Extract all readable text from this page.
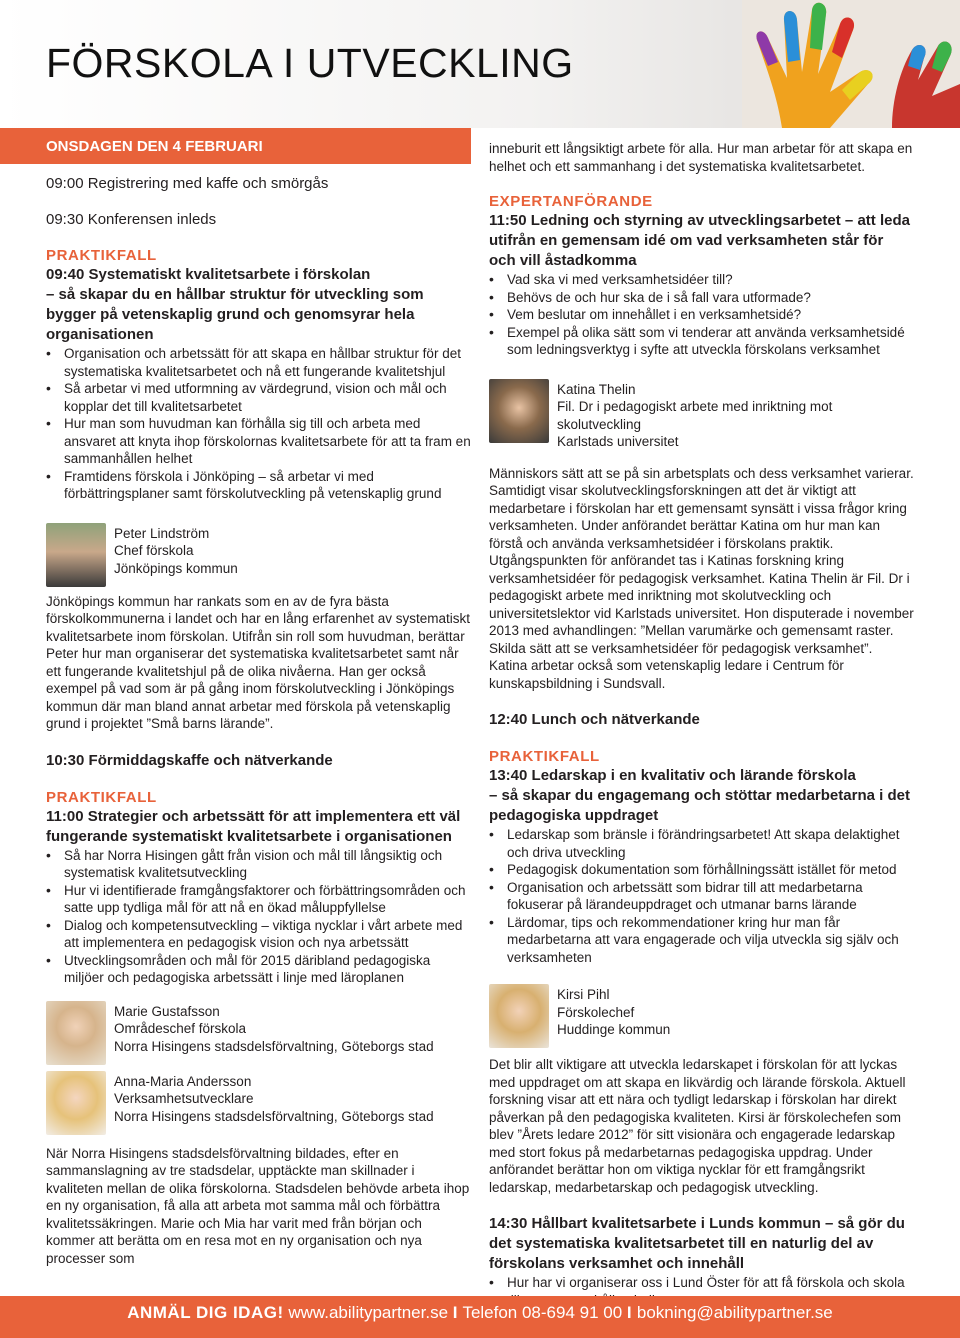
FÖRSKOLA I UTVECKLING
ONSDAGEN DEN 4 FEBRUARI

09:00 Registrering med kaffe och smörgås

09:30 Konferensen inleds

PRAKTIKFALL

09:40 Systematiskt kvalitetsarbete i förskolan

– så skapar du en hållbar struktur för utveckling som bygger på vetenskaplig grund och genomsyrar hela organisationen

• Organisation och arbetssätt för att skapa en hållbar struktur för det systematiska kvalitetsarbetet och nå ett fungerande kvalitetshjul
• Så arbetar vi med utformning av värdegrund, vision och mål och kopplar det till kvalitetsarbetet
• Hur man som huvudman kan förhålla sig till och arbeta med ansvaret att knyta ihop förskolornas kvalitetsarbete för att ta fram en sammanhållen helhet
• Framtidens förskola i Jönköping – så arbetar vi med förbättringsplaner samt förskolutveckling på vetenskaplig grund
Peter Lindström
Chef förskola
Jönköpings kommun

Jönköpings kommun har rankats som en av de fyra bästa förskolkommunerna i landet och har en lång erfarenhet av systematiskt kvalitetsarbete inom förskolan. Utifrån sin roll som huvudman, berättar Peter hur man organiserar det systematiska kvalitetsarbetet samt når ett fungerande kvalitetshjul på de olika nivåerna. Han ger också exempel på vad som är på gång inom förskolutveckling i Jönköpings kommun där man bland annat arbetar med förskola på vetenskaplig grund i projektet ”Små barns lärande”.

10:30 Förmiddagskaffe och nätverkande

PRAKTIKFALL

11:00 Strategier och arbetssätt för att implementera ett väl fungerande systematiskt kvalitetsarbete i organisationen

• Så har Norra Hisingen gått från vision och mål till långsiktig och systematisk kvalitetsutveckling
• Hur vi identifierade framgångsfaktorer och förbättringsområden och satte upp tydliga mål för att nå en ökad måluppfyllelse
• Dialog och kompetensutveckling – viktiga nycklar i vårt arbete med att implementera en pedagogisk vision och nya arbetssätt
• Utvecklingsområden och mål för 2015 däribland pedagogiska miljöer och pedagogiska arbetssätt i linje med läroplanen
Marie Gustafsson
Områdeschef förskola
Norra Hisingens stadsdelsförvaltning, Göteborgs stad
Anna-Maria Andersson
Verksamhetsutvecklare
Norra Hisingens stadsdelsförvaltning, Göteborgs stad

När Norra Hisingens stadsdelsförvaltning bildades, efter en sammanslagning av tre stadsdelar, upptäckte man skillnader i kvaliteten mellan de olika förskolorna. Stadsdelen behövde arbeta ihop en ny organisation, få alla att arbeta mot samma mål och förbättra kvalitetssäkringen. Marie och Mia har varit med från början och kommer att berätta om en resa mot en ny organisation och nya processer som

inneburit ett långsiktigt arbete för alla. Hur man arbetar för att skapa en helhet och ett sammanhang i det systematiska kvalitetsarbetet.

EXPERTANFÖRANDE

11:50 Ledning och styrning av utvecklingsarbetet – att leda utifrån en gemensam idé om vad verksamheten står för och vill åstadkomma

• Vad ska vi med verksamhetsidéer till?
• Behövs de och hur ska de i så fall vara utformade?
• Vem beslutar om innehållet i en verksamhetsidé?
• Exempel på olika sätt som vi tenderar att använda verksamhetsidé som ledningsverktyg i syfte att utveckla förskolans verksamhet
Katina Thelin
Fil. Dr i pedagogiskt arbete med inriktning mot skolutveckling
Karlstads universitet

Människors sätt att se på sin arbetsplats och dess verksamhet varierar. Samtidigt visar skolutvecklingsforskningen att det är viktigt att medarbetare i förskolan har ett gemensamt synsätt i vissa frågor kring verksamheten. Under anförandet berättar Katina om hur man kan förstå och använda verksamhetsidéer i förskolans praktik. Utgångspunkten för anförandet tas i Katinas forskning kring verksamhetsidéer för pedagogisk verksamhet. Katina Thelin är Fil. Dr i pedagogiskt arbete med inriktning mot skolutveckling och universitetslektor vid Karlstads universitet. Hon disputerade i november 2013 med avhandlingen: ”Mellan varumärke och gemensamt raster. Skilda sätt att se verksamhetsidéer för pedagogisk verksamhet”. Katina arbetar också som vetenskaplig ledare i Centrum för kunskapsbildning i Sundsvall.

12:40 Lunch och nätverkande

PRAKTIKFALL

13:40 Ledarskap i en kvalitativ och lärande förskola

– så skapar du engagemang och stöttar medarbetarna i det pedagogiska uppdraget

• Ledarskap som bränsle i förändringsarbetet! Att skapa delaktighet och driva utveckling
• Pedagogisk dokumentation som förhållningssätt istället för metod
• Organisation och arbetssätt som bidrar till att medarbetarna fokuserar på lärandeuppdraget och utmanar barns lärande
• Lärdomar, tips och rekommendationer kring hur man får medarbetarna att vara engagerade och vilja utveckla sig själv och verksamheten
Kirsi Pihl
Förskolechef
Huddinge kommun

Det blir allt viktigare att utveckla ledarskapet i förskolan för att lyckas med uppdraget om att skapa en likvärdig och lärande förskola. Aktuell forskning visar att ett nära och tydligt ledarskap i förskolan har direkt påverkan på den pedagogiska kvaliteten. Kirsi är förskolechefen som blev ”Årets ledare 2012” för sitt visionära och engagerade ledarskap med stort fokus på medarbetarnas pedagogiska uppdrag. Under anförandet berättar hon om viktiga nycklar för ett framgångsrikt ledarskap, medarbetarskap och pedagogisk utveckling.

14:30 Hållbart kvalitetsarbete i Lunds kommun – så gör du det systematiska kvalitetsarbetet till en naturlig del av förskolans verksamhet och innehåll

• Hur har vi organiserar oss i Lund Öster för att få förskola och skola
ANMÄL DIG IDAG! www.abilitypartner.se I Telefon 08-694 91 00 I bokning@abilitypartner.se
